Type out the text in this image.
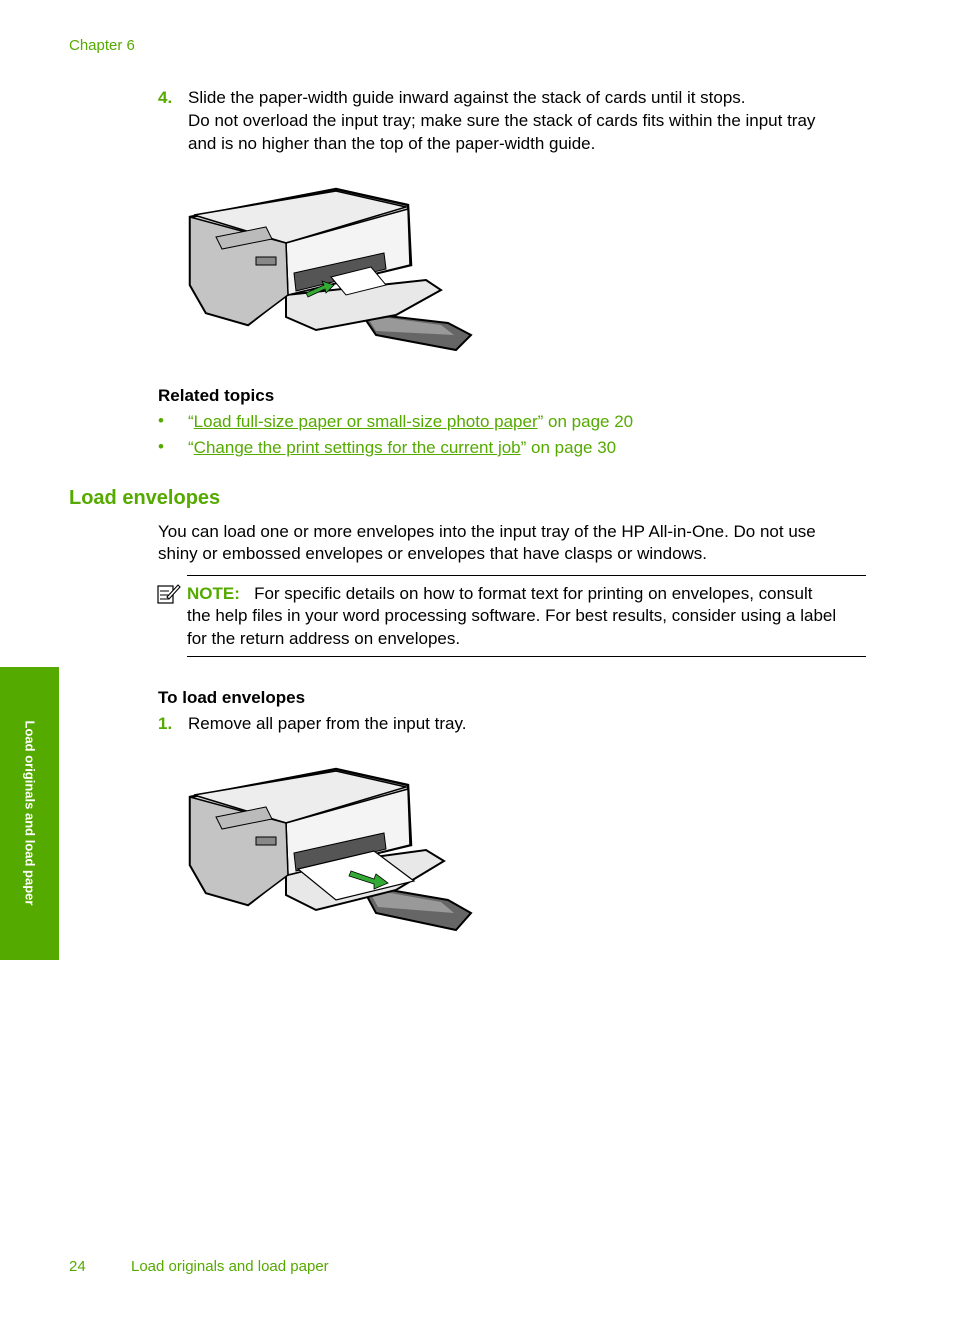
Chapter 6
4. Slide the paper-width guide inward against the stack of cards until it stops.
Do not overload the input tray; make sure the stack of cards fits within the input tray
and is no higher than the top of the paper-width guide.
Related topics
• “Load full-size paper or small-size photo paper” on page 20
• “Change the print settings for the current job” on page 30
Load envelopes
You can load one or more envelopes into the input tray of the HP All-in-One. Do not use
shiny or embossed envelopes or envelopes that have clasps or windows.
NOTE: For specific details on how to format text for printing on envelopes, consult
the help files in your word processing software. For best results, consider using a label
for the return address on envelopes.
To load envelopes
1. Remove all paper from the input tray.
Load originals and load paper
24	Load originals and load paper
